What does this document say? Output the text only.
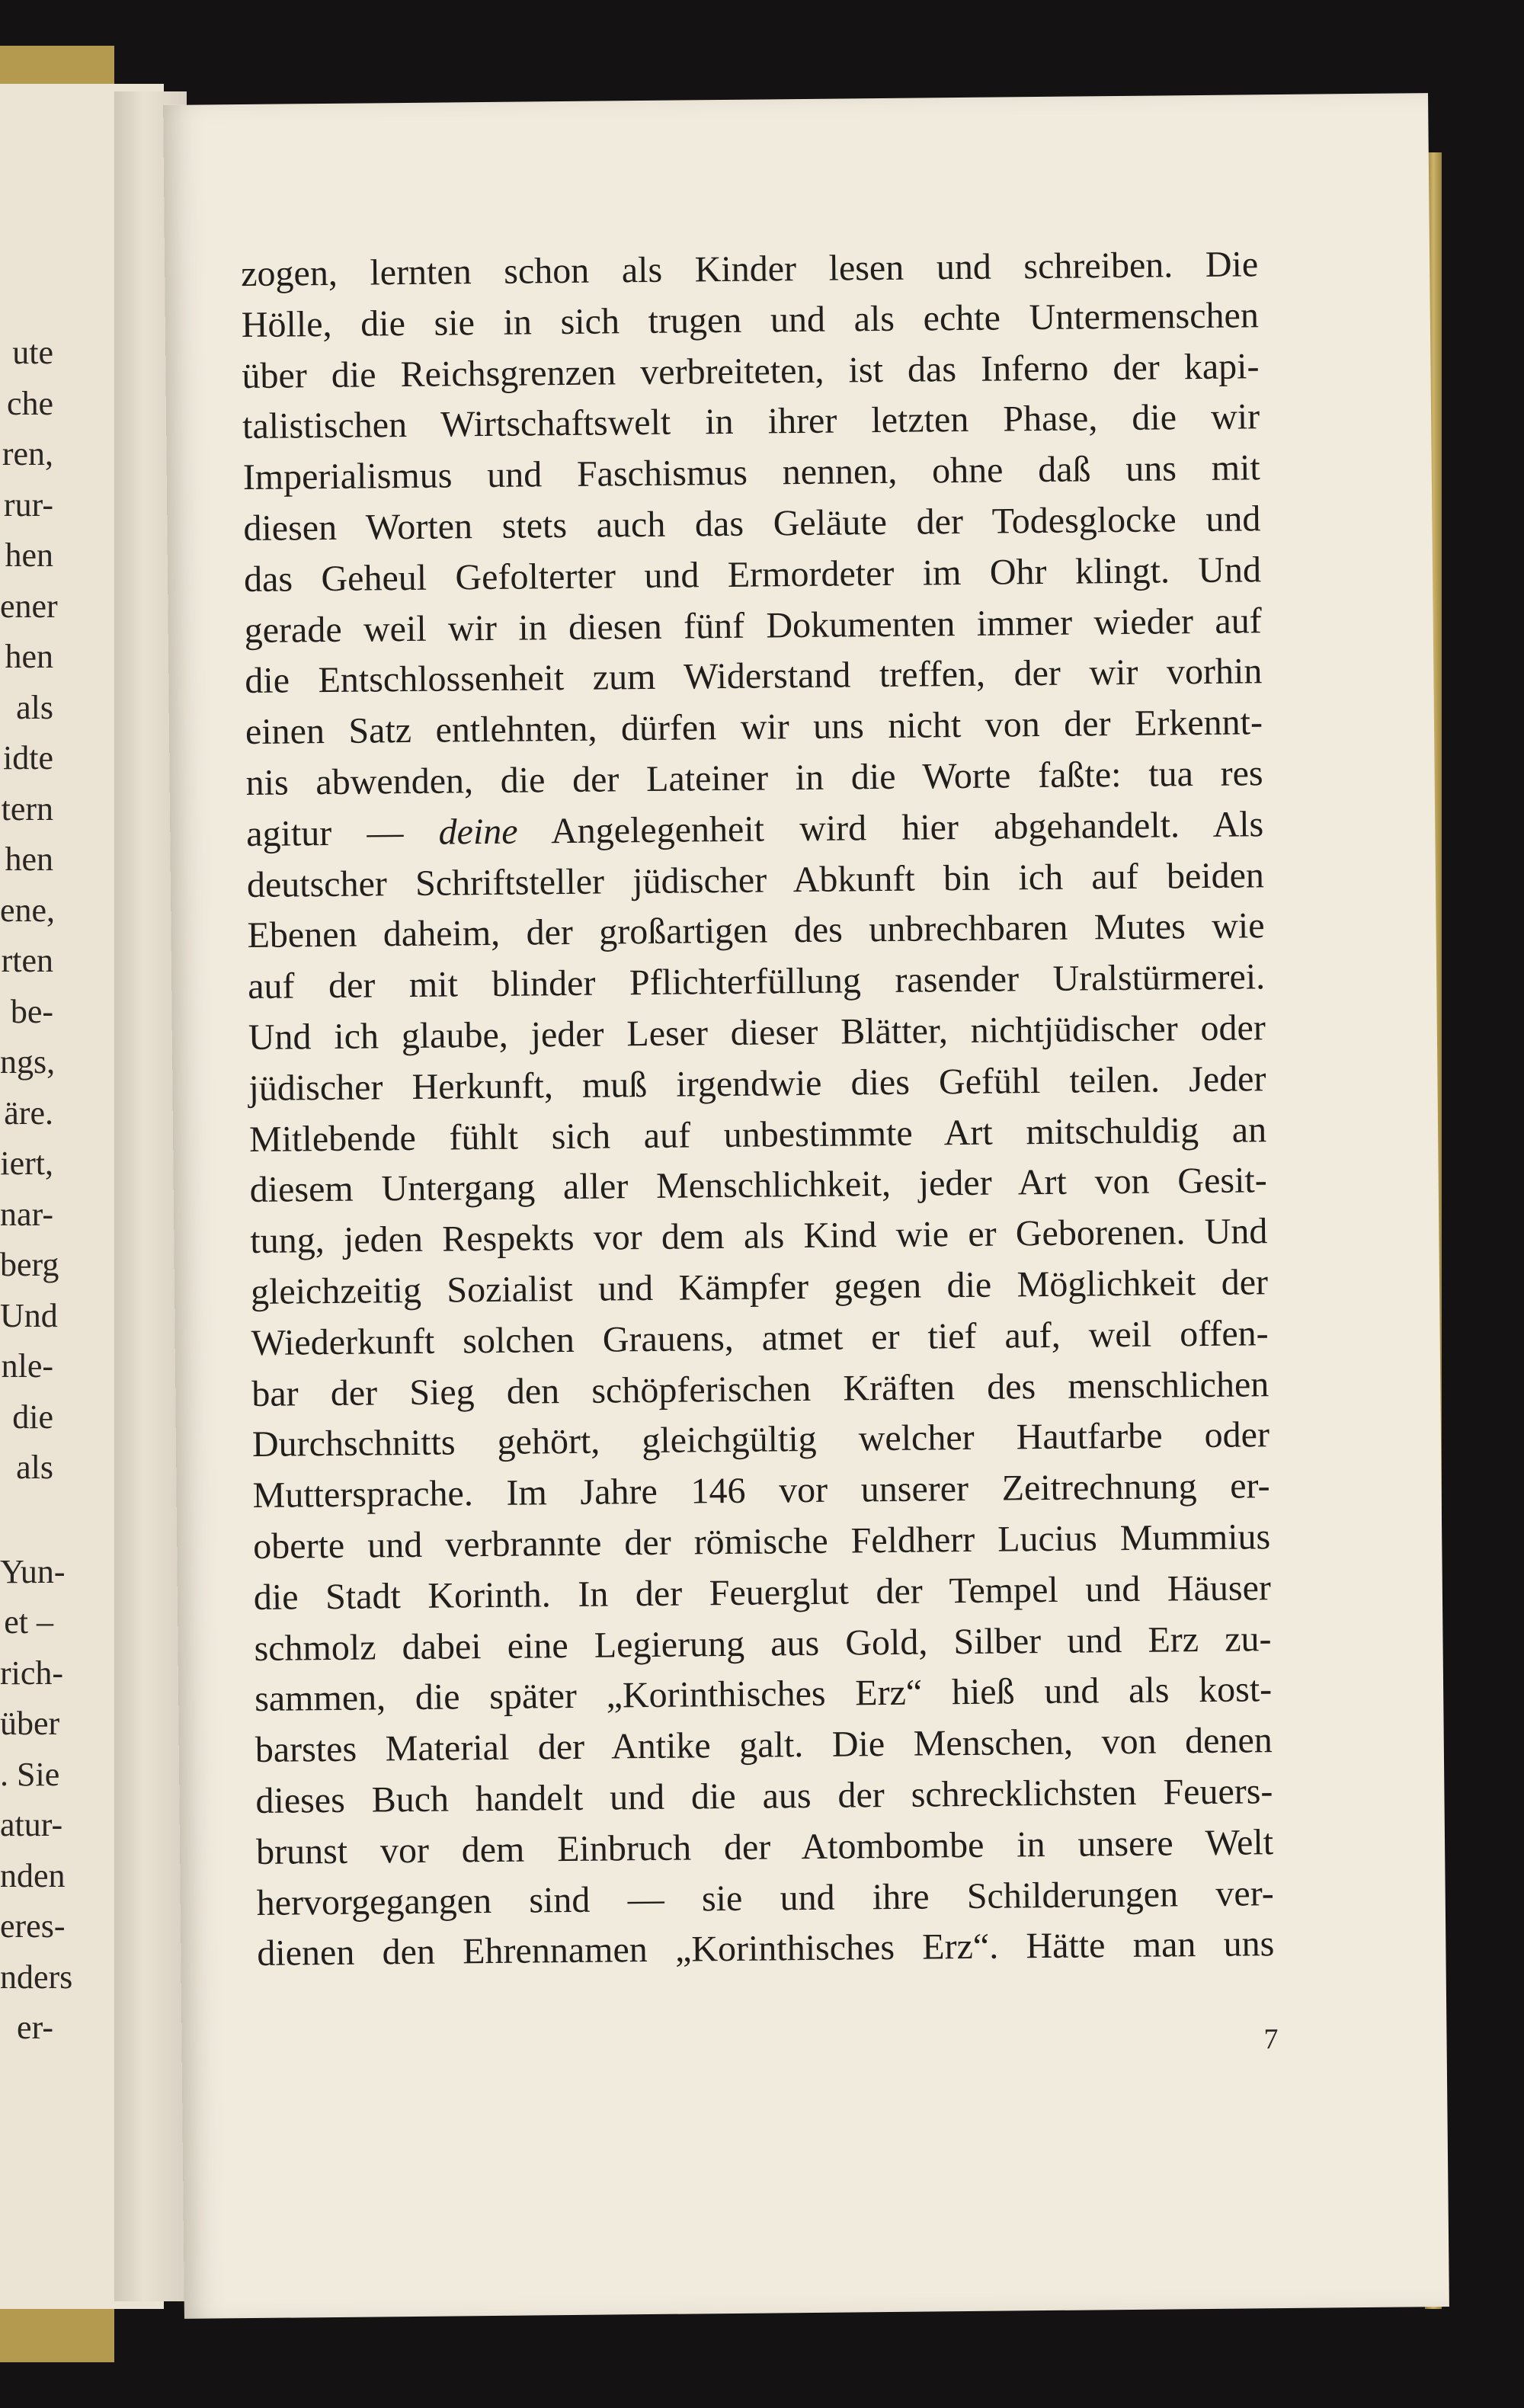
ute
che
ren,
rur-
hen
ener
hen
als
idte
tern
hen
ene,
rten
be-
ngs,
äre.
iert,
nar-
berg
Und
nle-
die
als
Yun-
et –
rich-
über
. Sie
atur-
nden
eres-
nders
er-
zogen, lernten schon als Kinder lesen und schreiben. Die
Hölle, die sie in sich trugen und als echte Untermenschen
über die Reichsgrenzen verbreiteten, ist das Inferno der kapi-
talistischen Wirtschaftswelt in ihrer letzten Phase, die wir
Imperialismus und Faschismus nennen, ohne daß uns mit
diesen Worten stets auch das Geläute der Todesglocke und
das Geheul Gefolterter und Ermordeter im Ohr klingt. Und
gerade weil wir in diesen fünf Dokumenten immer wieder auf
die Entschlossenheit zum Widerstand treffen, der wir vorhin
einen Satz entlehnten, dürfen wir uns nicht von der Erkennt-
nis abwenden, die der Lateiner in die Worte faßte: tua res
agitur — deine Angelegenheit wird hier abgehandelt. Als
deutscher Schriftsteller jüdischer Abkunft bin ich auf beiden
Ebenen daheim, der großartigen des unbrechbaren Mutes wie
auf der mit blinder Pflichterfüllung rasender Uralstürmerei.
Und ich glaube, jeder Leser dieser Blätter, nichtjüdischer oder
jüdischer Herkunft, muß irgendwie dies Gefühl teilen. Jeder
Mitlebende fühlt sich auf unbestimmte Art mitschuldig an
diesem Untergang aller Menschlichkeit, jeder Art von Gesit-
tung, jeden Respekts vor dem als Kind wie er Geborenen. Und
gleichzeitig Sozialist und Kämpfer gegen die Möglichkeit der
Wiederkunft solchen Grauens, atmet er tief auf, weil offen-
bar der Sieg den schöpferischen Kräften des menschlichen
Durchschnitts gehört, gleichgültig welcher Hautfarbe oder
Muttersprache. Im Jahre 146 vor unserer Zeitrechnung er-
oberte und verbrannte der römische Feldherr Lucius Mummius
die Stadt Korinth. In der Feuerglut der Tempel und Häuser
schmolz dabei eine Legierung aus Gold, Silber und Erz zu-
sammen, die später „Korinthisches Erz“ hieß und als kost-
barstes Material der Antike galt. Die Menschen, von denen
dieses Buch handelt und die aus der schrecklichsten Feuers-
brunst vor dem Einbruch der Atombombe in unsere Welt
hervorgegangen sind — sie und ihre Schilderungen ver-
dienen den Ehrennamen „Korinthisches Erz“. Hätte man uns
7
